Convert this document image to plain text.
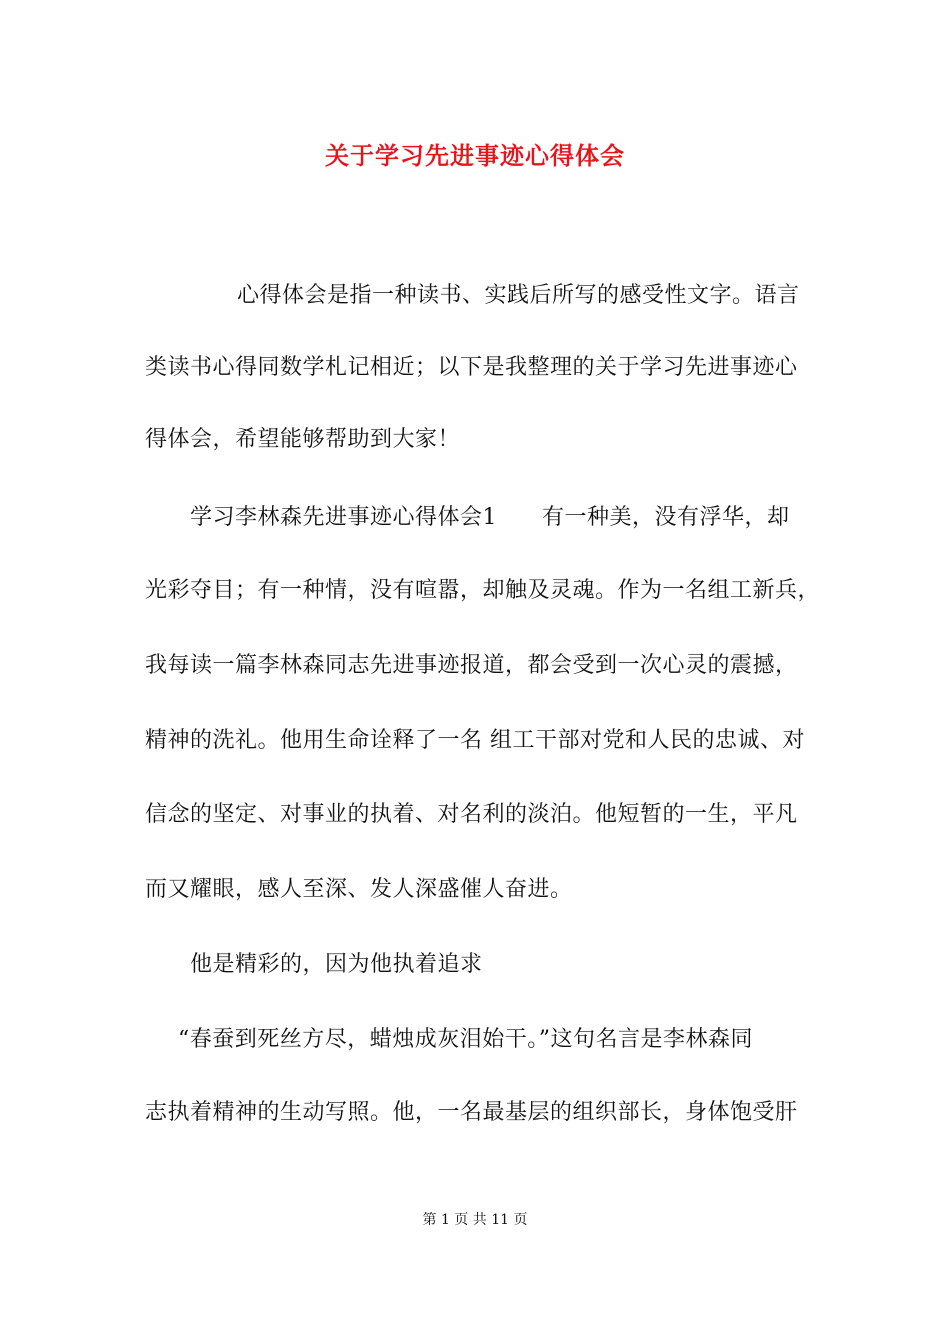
关于学习先进事迹心得体会
心得体会是指一种读书、实践后所写的感受性文字。语言
类读书心得同数学札记相近；以下是我整理的关于学习先进事迹心
得体会，希望能够帮助到大家！
学习李林森先进事迹心得体会1　　有一种美，没有浮华，却
光彩夺目；有一种情，没有喧嚣，却触及灵魂。作为一名组工新兵，
我每读一篇李林森同志先进事迹报道，都会受到一次心灵的震撼，
精神的洗礼。他用生命诠释了一名 组工干部对党和人民的忠诚、对
信念的坚定、对事业的执着、对名利的淡泊。他短暂的一生，平凡
而又耀眼，感人至深、发人深盛催人奋进。
他是精彩的，因为他执着追求
“春蚕到死丝方尽，蜡烛成灰泪始干。”这句名言是李林森同
志执着精神的生动写照。他，一名最基层的组织部长，身体饱受肝
第 1 页 共 11 页
